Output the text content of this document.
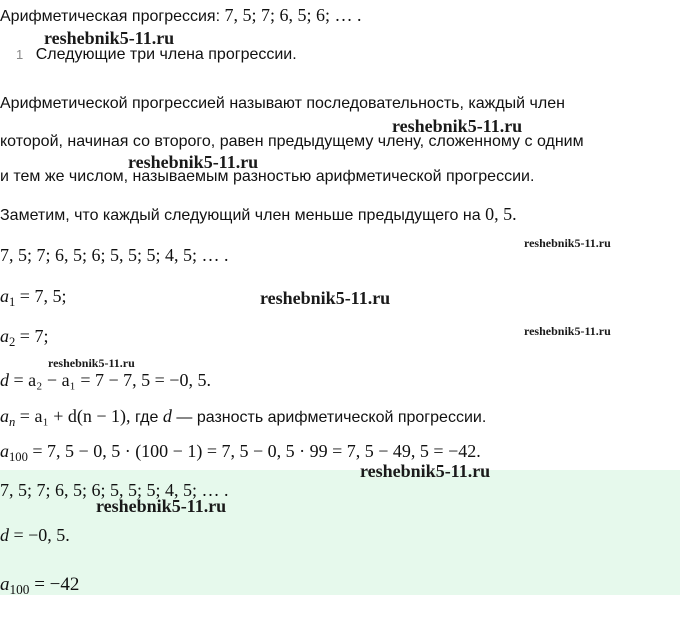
Арифметическая прогрессия: 7, 5; 7; 6, 5; 6; … .
1 Следующие три члена прогрессии.
Арифметической прогрессией называют последовательность, каждый член
которой, начиная со второго, равен предыдущему члену, сложенному с одним
и тем же числом, называемым разностью арифметической прогрессии.
Заметим, что каждый следующий член меньше предыдущего на 0, 5.
7, 5; 7; 6, 5; 6; 5, 5; 5; 4, 5; … .
$a_1 = 7$, 5;
$a_2 = 7$;
d = a₂ − a₁ = 7 − 7, 5 = −0, 5.
$a_n = a_1 + d(n - 1)$, где d — разность арифметической прогрессии.
$a_{100} = 7$, 5 − 0, 5 · (100 − 1) = 7, 5 − 0, 5 · 99 = 7, 5 − 49, 5 = −42.
7, 5; 7; 6, 5; 6; 5, 5; 5; 4, 5; … .
d = −0, 5.
$a_{100} = -42$
reshebnik5-11.ru
reshebnik5-11.ru
reshebnik5-11.ru
reshebnik5-11.ru
reshebnik5-11.ru
reshebnik5-11.ru
reshebnik5-11.ru
reshebnik5-11.ru
reshebnik5-11.ru
